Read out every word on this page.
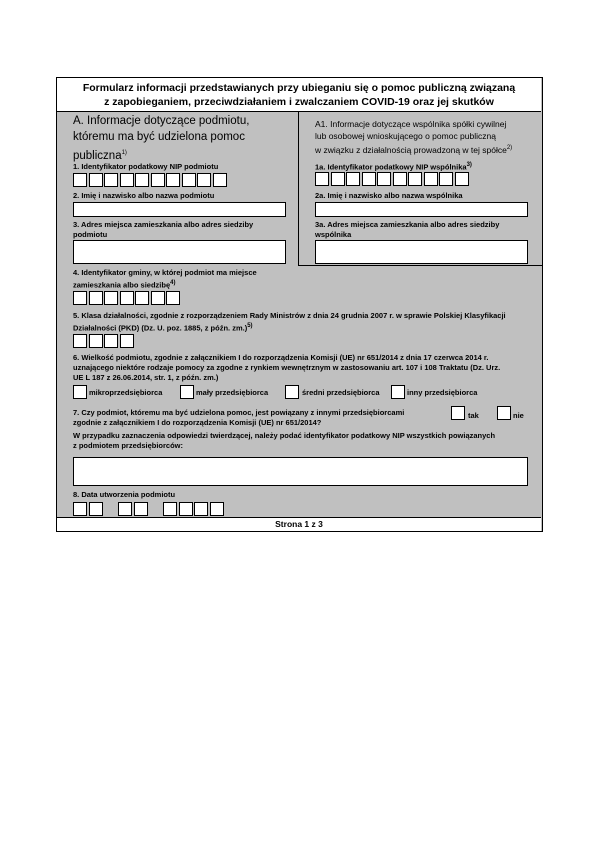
Formularz informacji przedstawianych przy ubieganiu się o pomoc publiczną związaną
z zapobieganiem, przeciwdziałaniem i zwalczaniem COVID-19 oraz jej skutków
A. Informacje dotyczące podmiotu,
któremu ma być udzielona pomoc
publiczna$^{1)}$
A1. Informacje dotyczące wspólnika spółki cywilnej
lub osobowej wnioskującego o pomoc publiczną
w związku z działalnością prowadzoną w tej spółce$^{2)}$
1a. Identyfikator podatkowy NIP wspólnika$^{3)}$
2a. Imię i nazwisko albo nazwa wspólnika
3a. Adres miejsca zamieszkania albo adres siedziby
wspólnika
1. Identyfikator podatkowy NIP podmiotu
2. Imię i nazwisko albo nazwa podmiotu
3. Adres miejsca zamieszkania albo adres siedziby
podmiotu
4. Identyfikator gminy, w której podmiot ma miejsce
zamieszkania albo siedzibę$^{4)}$
5. Klasa działalności, zgodnie z rozporządzeniem Rady Ministrów z dnia 24 grudnia 2007 r. w sprawie Polskiej Klasyfikacji
Działalności (PKD) (Dz. U. poz. 1885, z późn. zm.)$^{5)}$
6. Wielkość podmiotu, zgodnie z załącznikiem I do rozporządzenia Komisji (UE) nr 651/2014 z dnia 17 czerwca 2014 r.
uznającego niektóre rodzaje pomocy za zgodne z rynkiem wewnętrznym w zastosowaniu art. 107 i 108 Traktatu (Dz. Urz.
UE L 187 z 26.06.2014, str. 1, z późn. zm.)
mikroprzedsiębiorca	mały przedsiębiorca	średni przedsiębiorca	inny przedsiębiorca
7. Czy podmiot, któremu ma być udzielona pomoc, jest powiązany z innymi przedsiębiorcami
zgodnie z załącznikiem I do rozporządzenia Komisji (UE) nr 651/2014?
tak	nie
W przypadku zaznaczenia odpowiedzi twierdzącej, należy podać identyfikator podatkowy NIP wszystkich powiązanych
z podmiotem przedsiębiorców:
8. Data utworzenia podmiotu
Strona 1 z 3
